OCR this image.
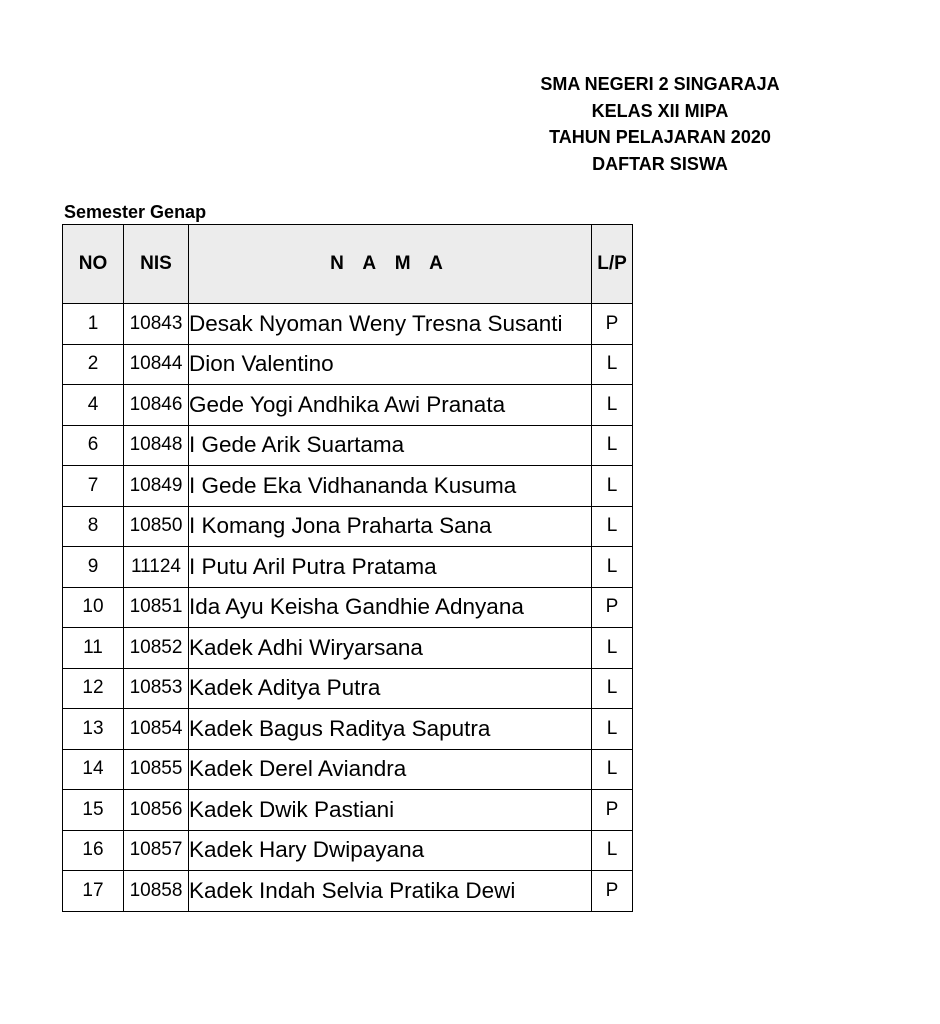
SMA NEGERI 2 SINGARAJA
KELAS XII MIPA
TAHUN PELAJARAN 2020
DAFTAR SISWA
Semester Genap
NO	NIS	N A M A	L/P
1	10843	Desak Nyoman Weny Tresna Susanti	P
2	10844	Dion Valentino	L
4	10846	Gede Yogi Andhika Awi Pranata	L
6	10848	I Gede Arik Suartama	L
7	10849	I Gede Eka Vidhananda Kusuma	L
8	10850	I Komang Jona Praharta Sana	L
9	11124	I Putu Aril Putra Pratama	L
10	10851	Ida Ayu Keisha Gandhie Adnyana	P
11	10852	Kadek Adhi Wiryarsana	L
12	10853	Kadek Aditya Putra	L
13	10854	Kadek Bagus Raditya Saputra	L
14	10855	Kadek Derel Aviandra	L
15	10856	Kadek Dwik Pastiani	P
16	10857	Kadek Hary Dwipayana	L
17	10858	Kadek Indah Selvia Pratika Dewi	P
